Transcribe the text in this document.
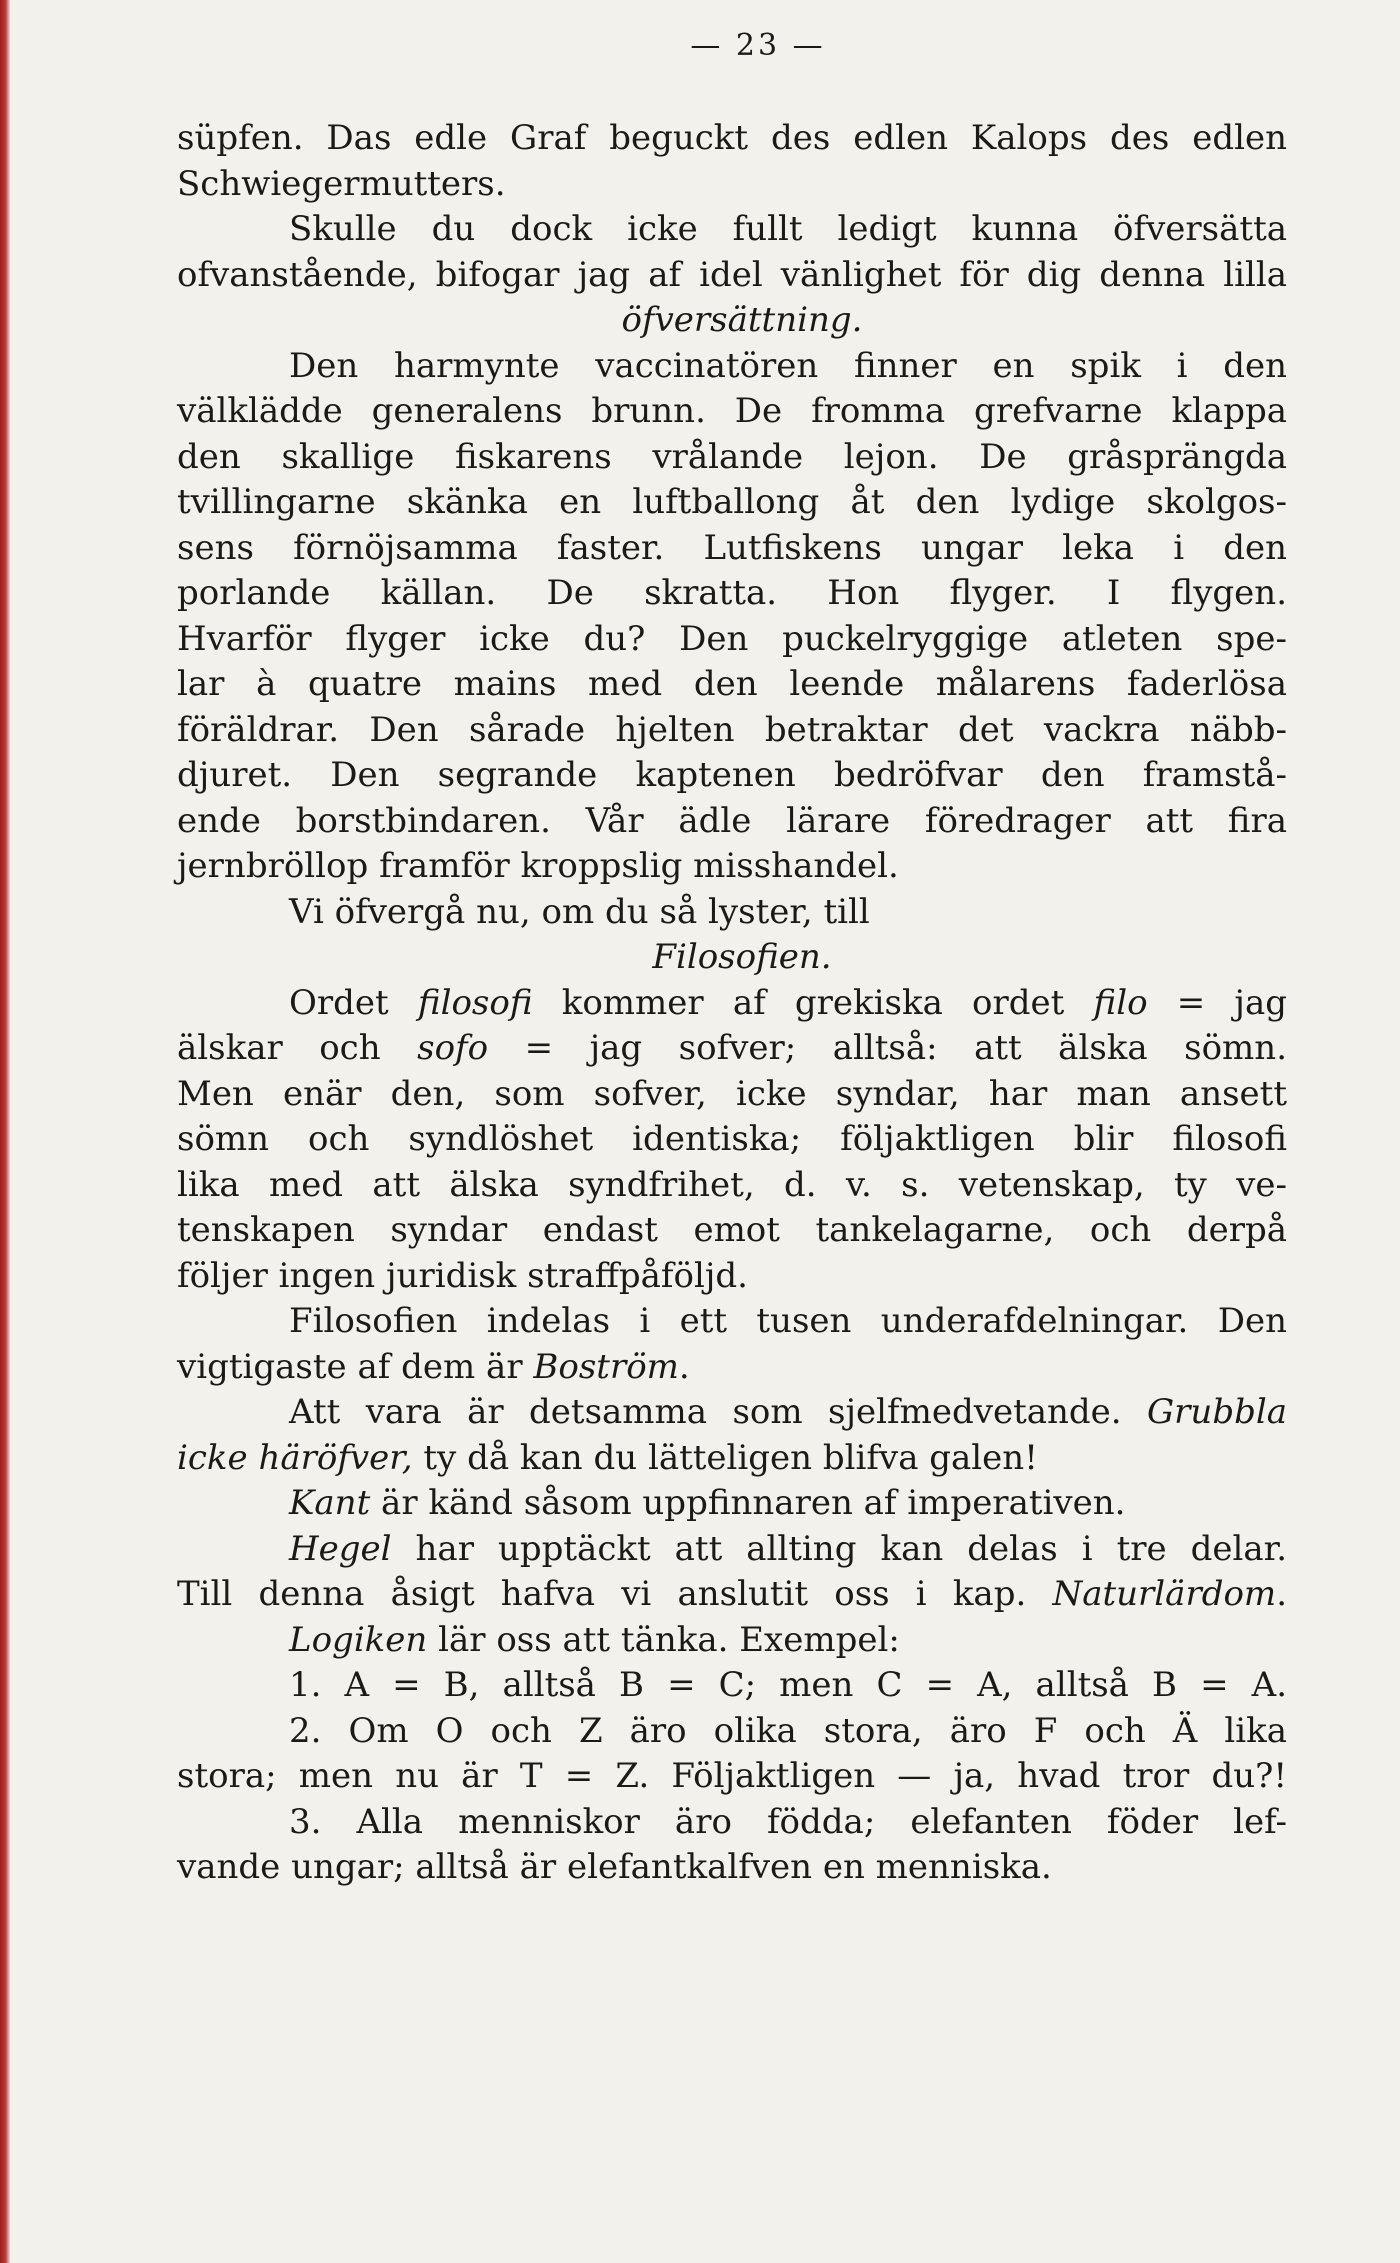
— 23 —
süpfen. Das edle Graf beguckt des edlen Kalops des edlen
Schwiegermutters.
Skulle du dock icke fullt ledigt kunna öfversätta
ofvanstående, bifogar jag af idel vänlighet för dig denna lilla
öfversättning.
Den harmynte vaccinatören finner en spik i den
välklädde generalens brunn. De fromma grefvarne klappa
den skallige fiskarens vrålande lejon. De gråsprängda
tvillingarne skänka en luftballong åt den lydige skolgos-
sens förnöjsamma faster. Lutfiskens ungar leka i den
porlande källan. De skratta. Hon flyger. I flygen.
Hvarför flyger icke du? Den puckelryggige atleten spe-
lar à quatre mains med den leende målarens faderlösa
föräldrar. Den sårade hjelten betraktar det vackra näbb-
djuret. Den segrande kaptenen bedröfvar den framstå-
ende borstbindaren. Vår ädle lärare föredrager att fira
jernbröllop framför kroppslig misshandel.
Vi öfvergå nu, om du så lyster, till
Filosofien.
Ordet filosofi kommer af grekiska ordet filo = jag
älskar och sofo = jag sofver; alltså: att älska sömn.
Men enär den, som sofver, icke syndar, har man ansett
sömn och syndlöshet identiska; följaktligen blir filosofi
lika med att älska syndfrihet, d. v. s. vetenskap, ty ve-
tenskapen syndar endast emot tankelagarne, och derpå
följer ingen juridisk straffpåföljd.
Filosofien indelas i ett tusen underafdelningar. Den
vigtigaste af dem är Boström.
Att vara är detsamma som sjelfmedvetande. Grubbla
icke häröfver, ty då kan du lätteligen blifva galen!
Kant är känd såsom uppfinnaren af imperativen.
Hegel har upptäckt att allting kan delas i tre delar.
Till denna åsigt hafva vi anslutit oss i kap. Naturlärdom.
Logiken lär oss att tänka. Exempel:
1. A = B, alltså B = C; men C = A, alltså B = A.
2. Om O och Z äro olika stora, äro F och Ä lika
stora; men nu är T = Z. Följaktligen — ja, hvad tror du?!
3. Alla menniskor äro födda; elefanten föder lef-
vande ungar; alltså är elefantkalfven en menniska.
